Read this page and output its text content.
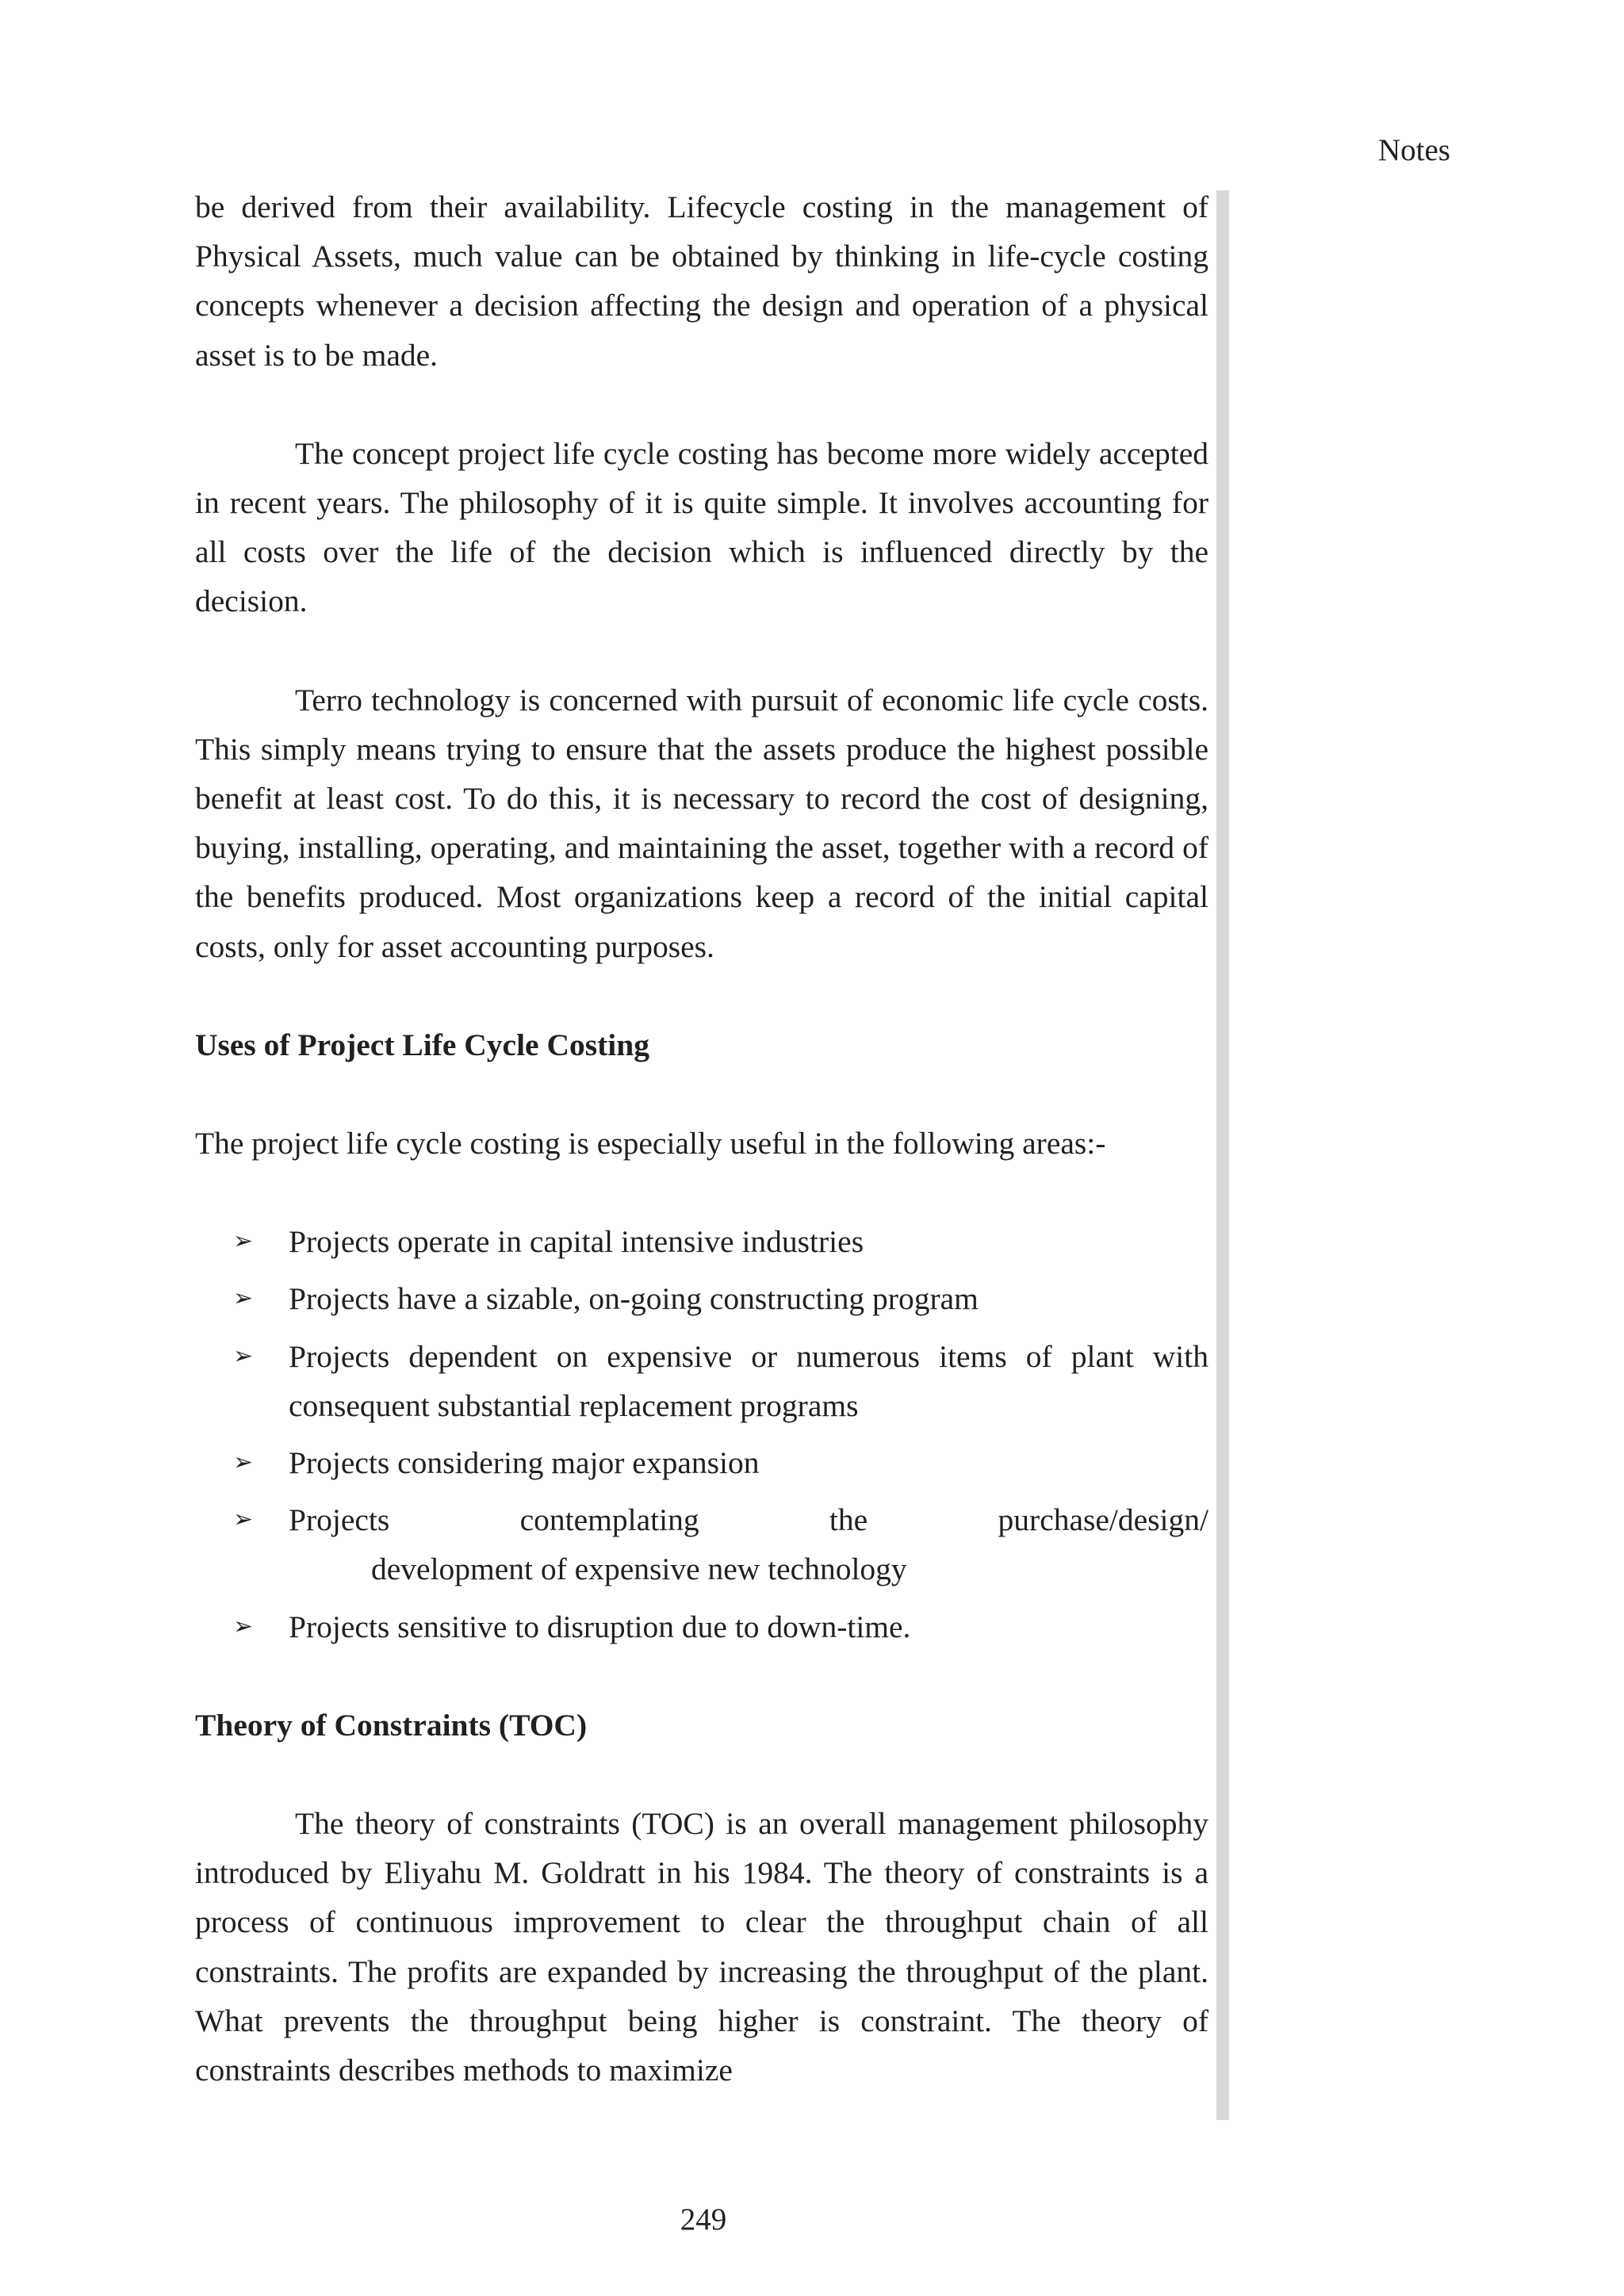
Notes

be derived from their availability. Lifecycle costing in the management of Physical Assets, much value can be obtained by thinking in life-cycle costing concepts whenever a decision affecting the design and operation of a physical asset is to be made.

The concept project life cycle costing has become more widely accepted in recent years. The philosophy of it is quite simple. It involves accounting for all costs over the life of the decision which is influenced directly by the decision.

Terro technology is concerned with pursuit of economic life cycle costs. This simply means trying to ensure that the assets produce the highest possible benefit at least cost. To do this, it is necessary to record the cost of designing, buying, installing, operating, and maintaining the asset, together with a record of the benefits produced. Most organizations keep a record of the initial capital costs, only for asset accounting purposes.

Uses of Project Life Cycle Costing

The project life cycle costing is especially useful in the following areas:-

➢ Projects operate in capital intensive industries
➢ Projects have a sizable, on-going constructing program
➢ Projects dependent on expensive or numerous items of plant with consequent substantial replacement programs
➢ Projects considering major expansion
➢ Projects contemplating the purchase/design/development of expensive new technology
➢ Projects sensitive to disruption due to down-time.
Theory of Constraints (TOC)

The theory of constraints (TOC) is an overall management philosophy introduced by Eliyahu M. Goldratt in his 1984. The theory of constraints is a process of continuous improvement to clear the throughput chain of all constraints. The profits are expanded by increasing the throughput of the plant. What prevents the throughput being higher is constraint. The theory of constraints describes methods to maximize

249
